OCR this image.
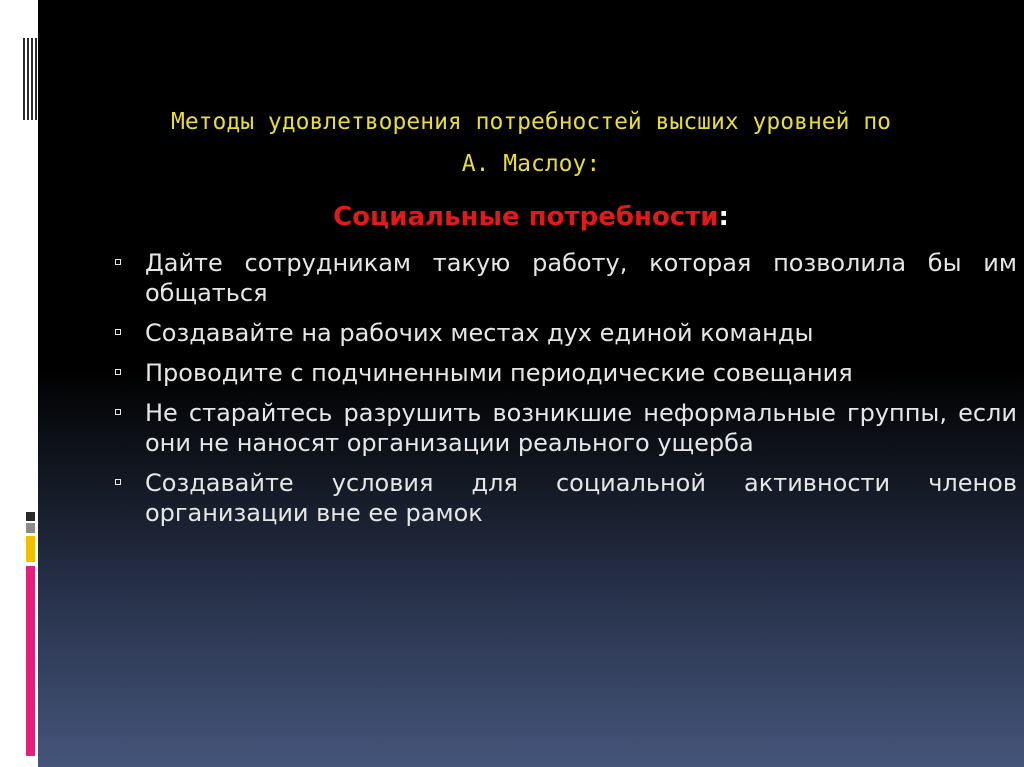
Методы удовлетворения потребностей высших уровней по
А. Маслоу:
Социальные потребности:
Дайте сотрудникам такую работу, которая позволила бы им общаться
Создавайте на рабочих местах дух единой команды
Проводите с подчиненными периодические совещания
Не старайтесь разрушить возникшие неформальные группы, если они не наносят организации реального ущерба
Создавайте условия для социальной активности членов организации вне ее рамок
